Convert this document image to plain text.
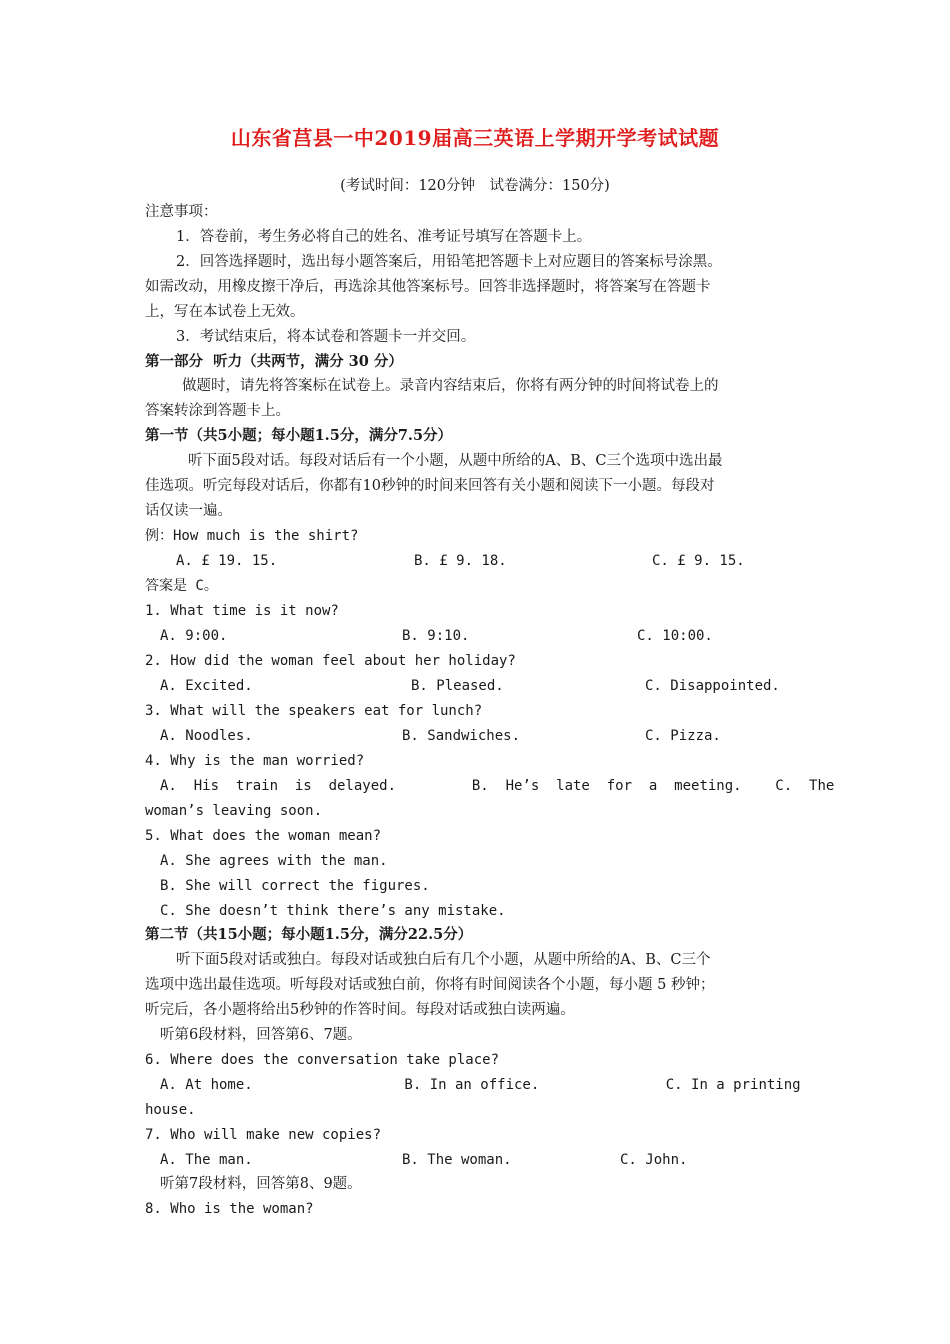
山东省莒县一中2019届高三英语上学期开学考试试题
(考试时间：120分钟　试卷满分：150分)
注意事项：
1．答卷前，考生务必将自己的姓名、准考证号填写在答题卡上。
2．回答选择题时，选出每小题答案后，用铅笔把答题卡上对应题目的答案标号涂黑。
如需改动，用橡皮擦干净后，再选涂其他答案标号。回答非选择题时，将答案写在答题卡
上，写在本试卷上无效。
3．考试结束后，将本试卷和答题卡一并交回。
第一部分  听力（共两节，满分 30 分）
做题时，请先将答案标在试卷上。录音内容结束后，你将有两分钟的时间将试卷上的
答案转涂到答题卡上。
第一节（共5小题；每小题1.5分，满分7.5分）
听下面5段对话。每段对话后有一个小题，从题中所给的A、B、C三个选项中选出最
佳选项。听完每段对话后，你都有10秒钟的时间来回答有关小题和阅读下一小题。每段对
话仅读一遍。
例：How much is the shirt?
A. £ 19. 15.	B. £ 9. 18.	C. £ 9. 15.
答案是 C。
1. What time is it now?
A. 9:00.	B. 9:10.	C. 10:00.
2. How did the woman feel about her holiday?
A. Excited.	B. Pleased.	C. Disappointed.
3. What will the speakers eat for lunch?
A. Noodles.	B. Sandwiches.	C. Pizza.
4. Why is the man worried?
A.  His  train  is  delayed.         B.  He’s  late  for  a  meeting.    C.  The
woman’s leaving soon.
5. What does the woman mean?
A. She agrees with the man.
B. She will correct the figures.
C. She doesn’t think there’s any mistake.
第二节（共15小题；每小题1.5分，满分22.5分）
听下面5段对话或独白。每段对话或独白后有几个小题，从题中所给的A、B、C三个
选项中选出最佳选项。听每段对话或独白前，你将有时间阅读各个小题，每小题 5 秒钟；
听完后，各小题将给出5秒钟的作答时间。每段对话或独白读两遍。
听第6段材料，回答第6、7题。
6. Where does the conversation take place?
A. At home.                  B. In an office.               C. In a printing
house.
7. Who will make new copies?
A. The man.	B. The woman.	C. John.
听第7段材料，回答第8、9题。
8. Who is the woman?
